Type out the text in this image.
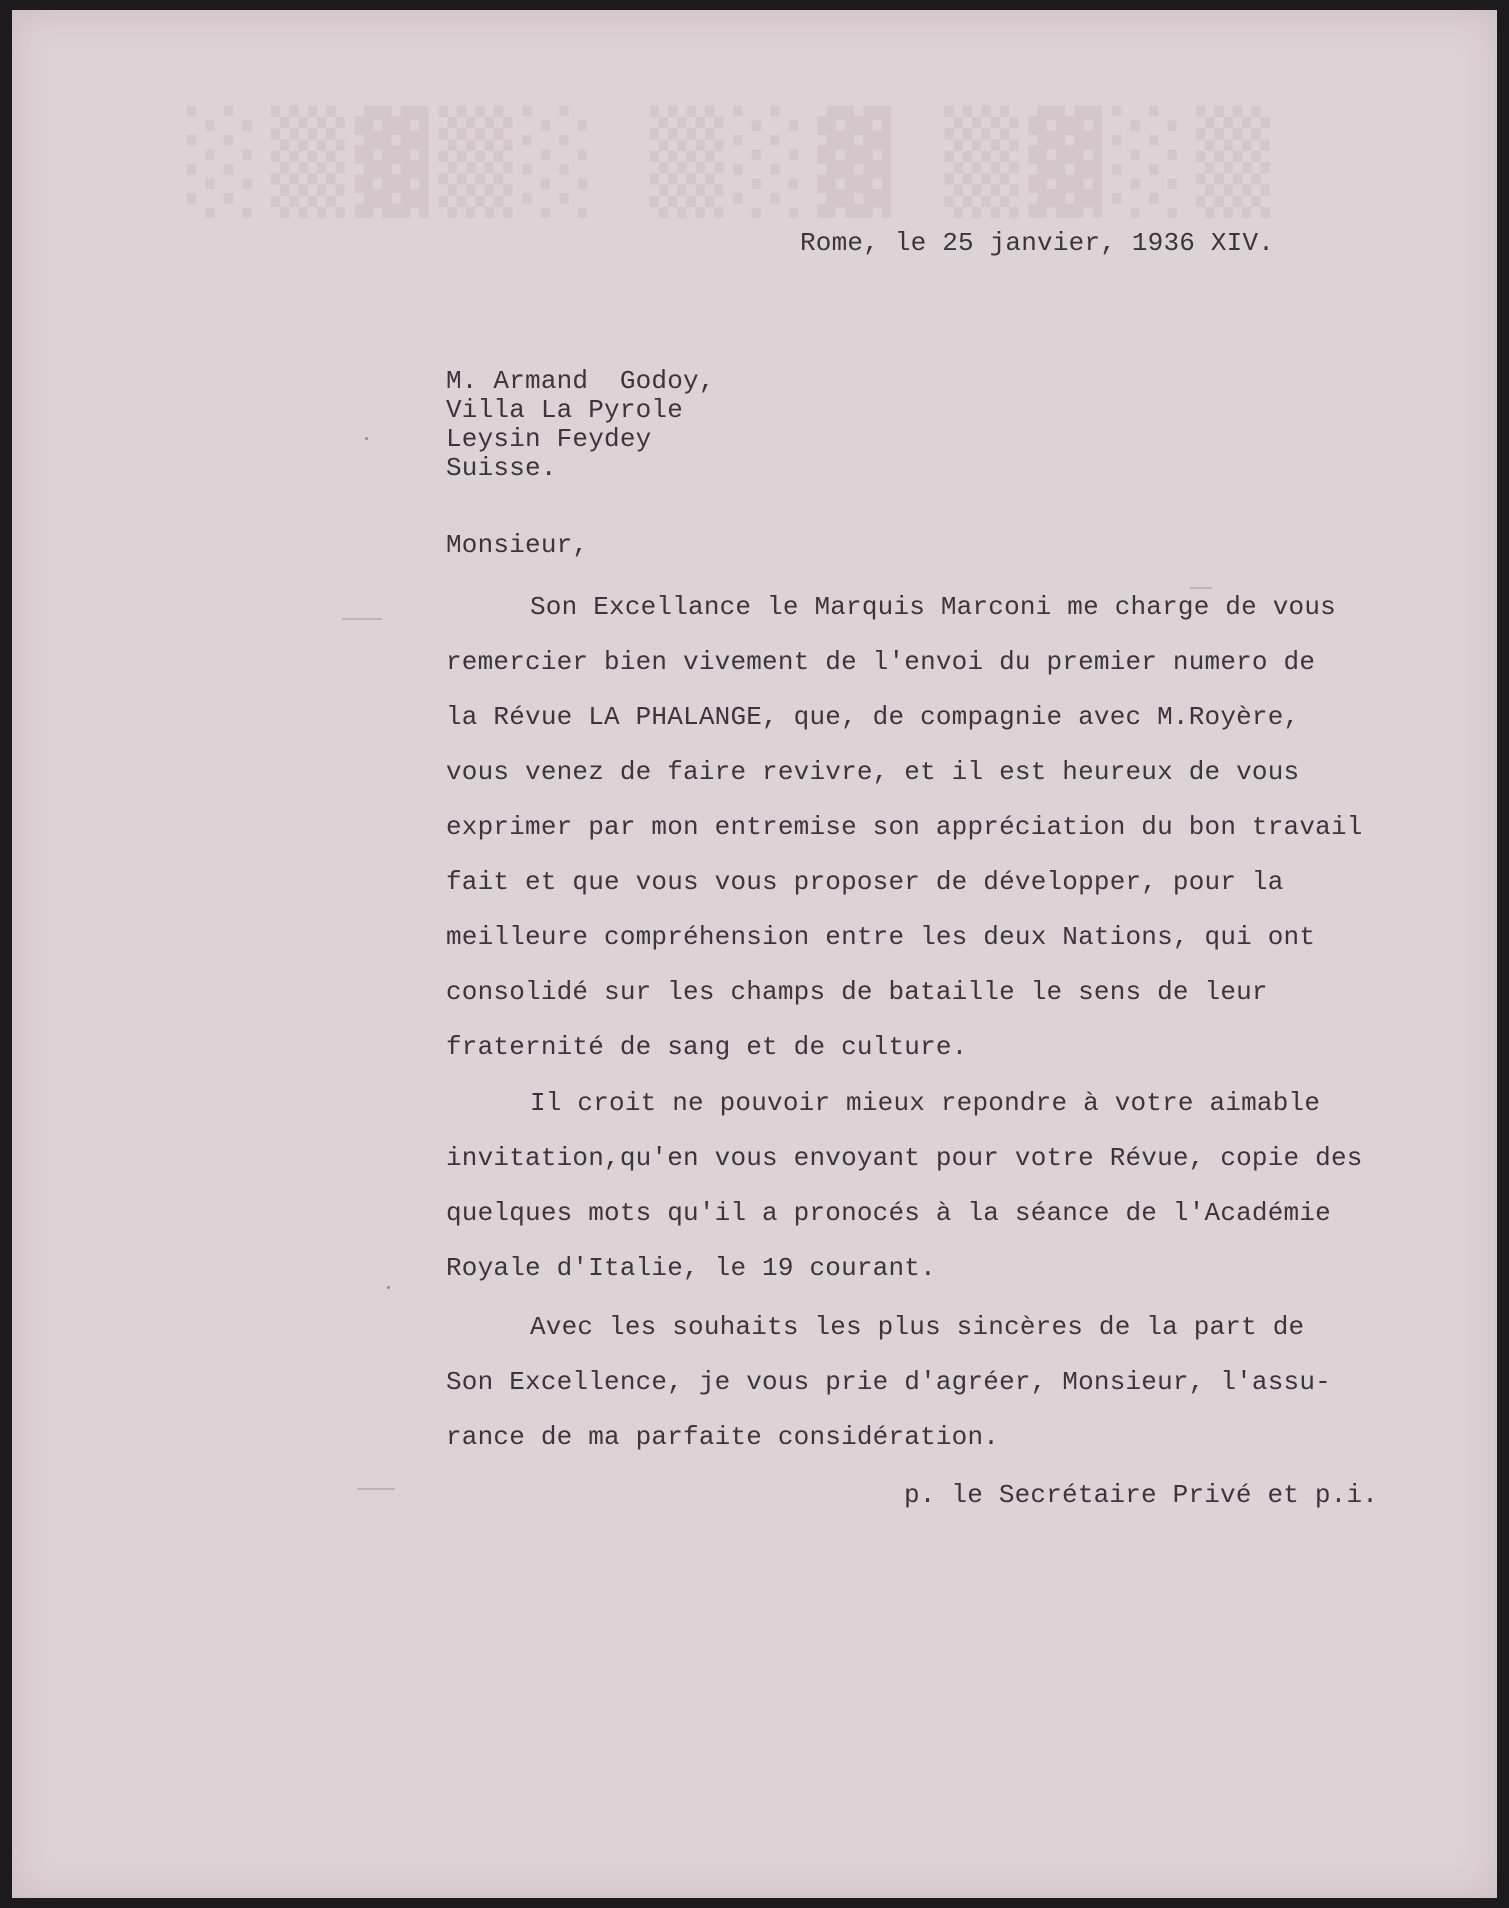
░▒▓▒░ ▒░▓ ▒▓░▒

Rome, le 25 janvier, 1936 XIV.

M. Armand  Godoy,

Villa La Pyrole

Leysin Feydey

Suisse.

Monsieur,

Son Excellance le Marquis Marconi me charge de vous

remercier bien vivement de l'envoi du premier numero de

la Révue LA PHALANGE, que, de compagnie avec M.Royère,

vous venez de faire revivre, et il est heureux de vous

exprimer par mon entremise son appréciation du bon travail

fait et que vous vous proposer de développer, pour la

meilleure compréhension entre les deux Nations, qui ont

consolidé sur les champs de bataille le sens de leur

fraternité de sang et de culture.

Il croit ne pouvoir mieux repondre à votre aimable

invitation,qu'en vous envoyant pour votre Révue, copie des

quelques mots qu'il a pronocés à la séance de l'Académie

Royale d'Italie, le 19 courant.

Avec les souhaits les plus sincères de la part de

Son Excellence, je vous prie d'agréer, Monsieur, l'assu-

rance de ma parfaite considération.

p. le Secrétaire Privé et p.i.
